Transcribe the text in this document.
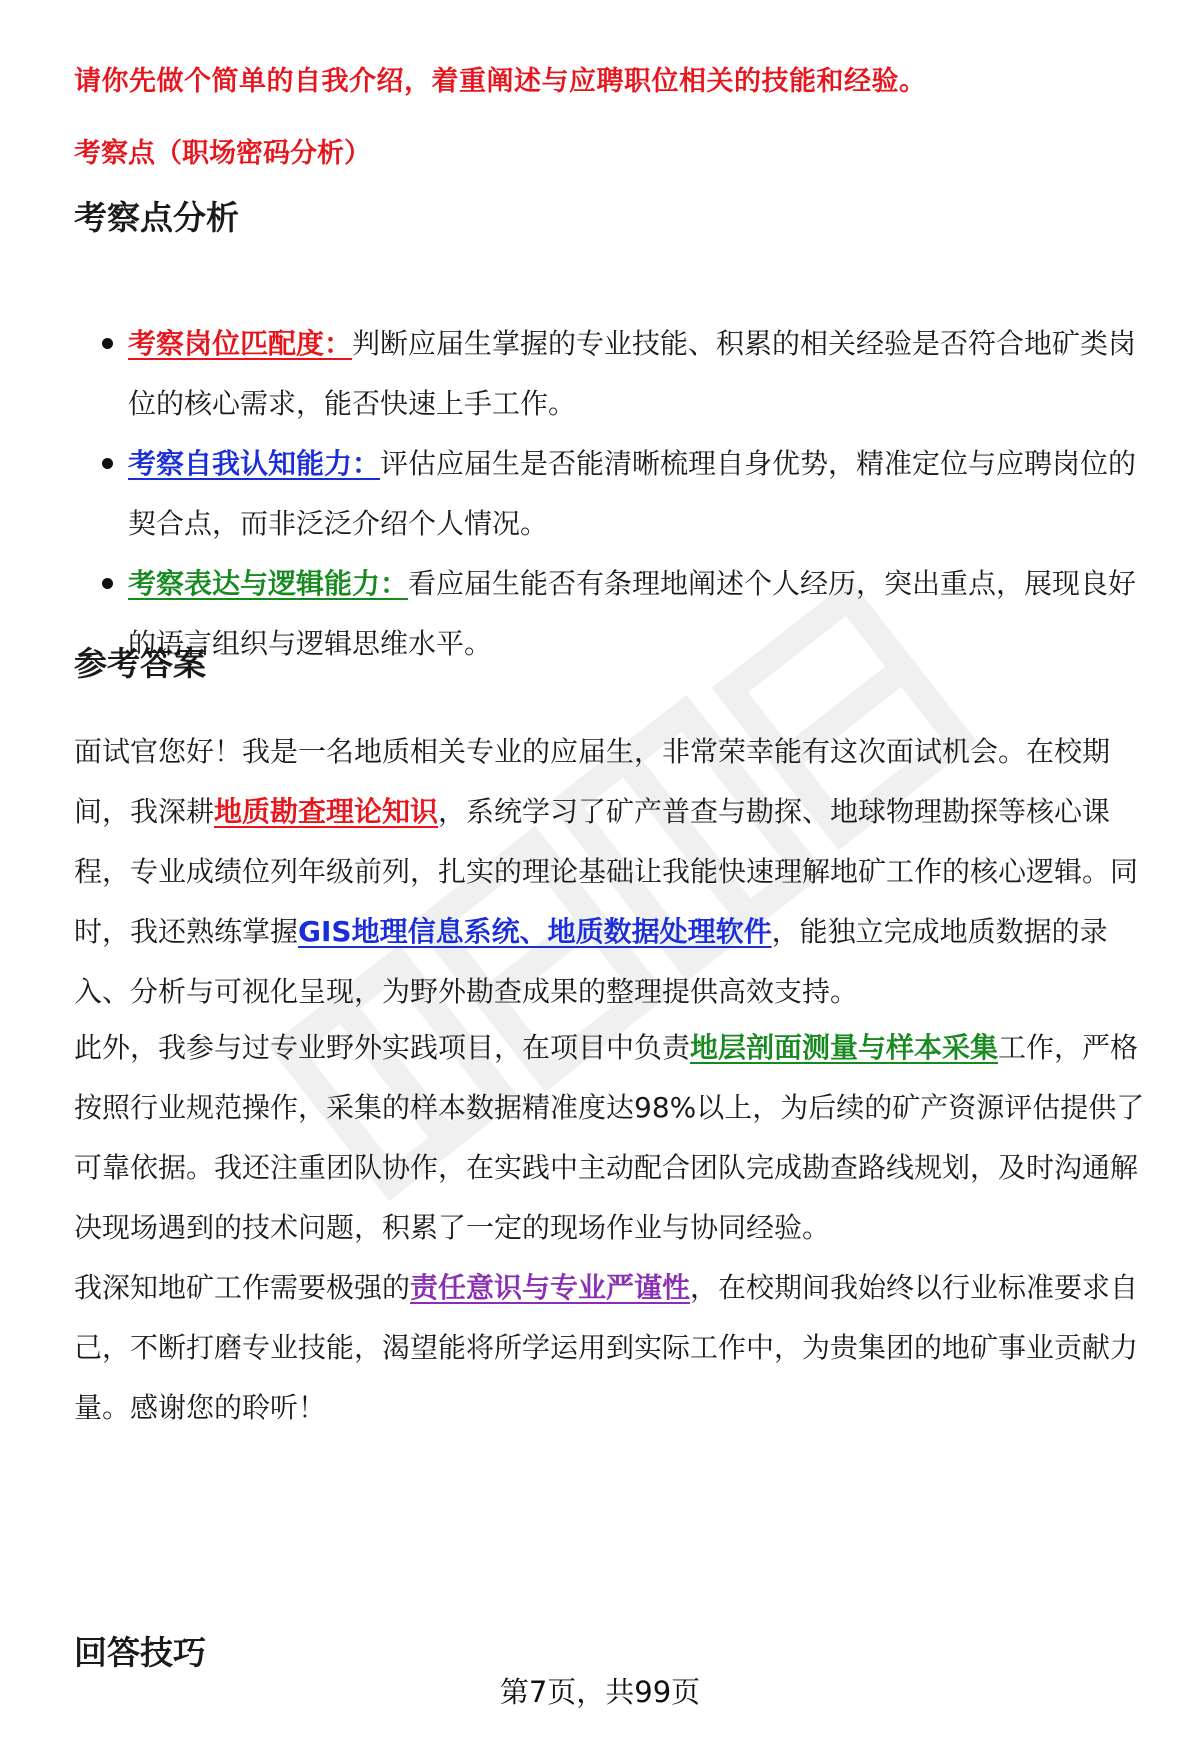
请你先做个简单的自我介绍，着重阐述与应聘职位相关的技能和经验。
考察点（职场密码分析）
考察点分析
考察岗位匹配度：判断应届生掌握的专业技能、积累的相关经验是否符合地矿类岗位的核心需求，能否快速上手工作。
考察自我认知能力：评估应届生是否能清晰梳理自身优势，精准定位与应聘岗位的契合点，而非泛泛介绍个人情况。
考察表达与逻辑能力：看应届生能否有条理地阐述个人经历，突出重点，展现良好的语言组织与逻辑思维水平。
参考答案

面试官您好！我是一名地质相关专业的应届生，非常荣幸能有这次面试机会。在校期间，我深耕地质勘查理论知识，系统学习了矿产普查与勘探、地球物理勘探等核心课程，专业成绩位列年级前列，扎实的理论基础让我能快速理解地矿工作的核心逻辑。同时，我还熟练掌握GIS地理信息系统、地质数据处理软件，能独立完成地质数据的录入、分析与可视化呈现，为野外勘查成果的整理提供高效支持。

此外，我参与过专业野外实践项目，在项目中负责地层剖面测量与样本采集工作，严格按照行业规范操作，采集的样本数据精准度达98%以上，为后续的矿产资源评估提供了可靠依据。我还注重团队协作，在实践中主动配合团队完成勘查路线规划，及时沟通解决现场遇到的技术问题，积累了一定的现场作业与协同经验。

我深知地矿工作需要极强的责任意识与专业严谨性，在校期间我始终以行业标准要求自己，不断打磨专业技能，渴望能将所学运用到实际工作中，为贵集团的地矿事业贡献力量。感谢您的聆听！

回答技巧
第7页，共99页
